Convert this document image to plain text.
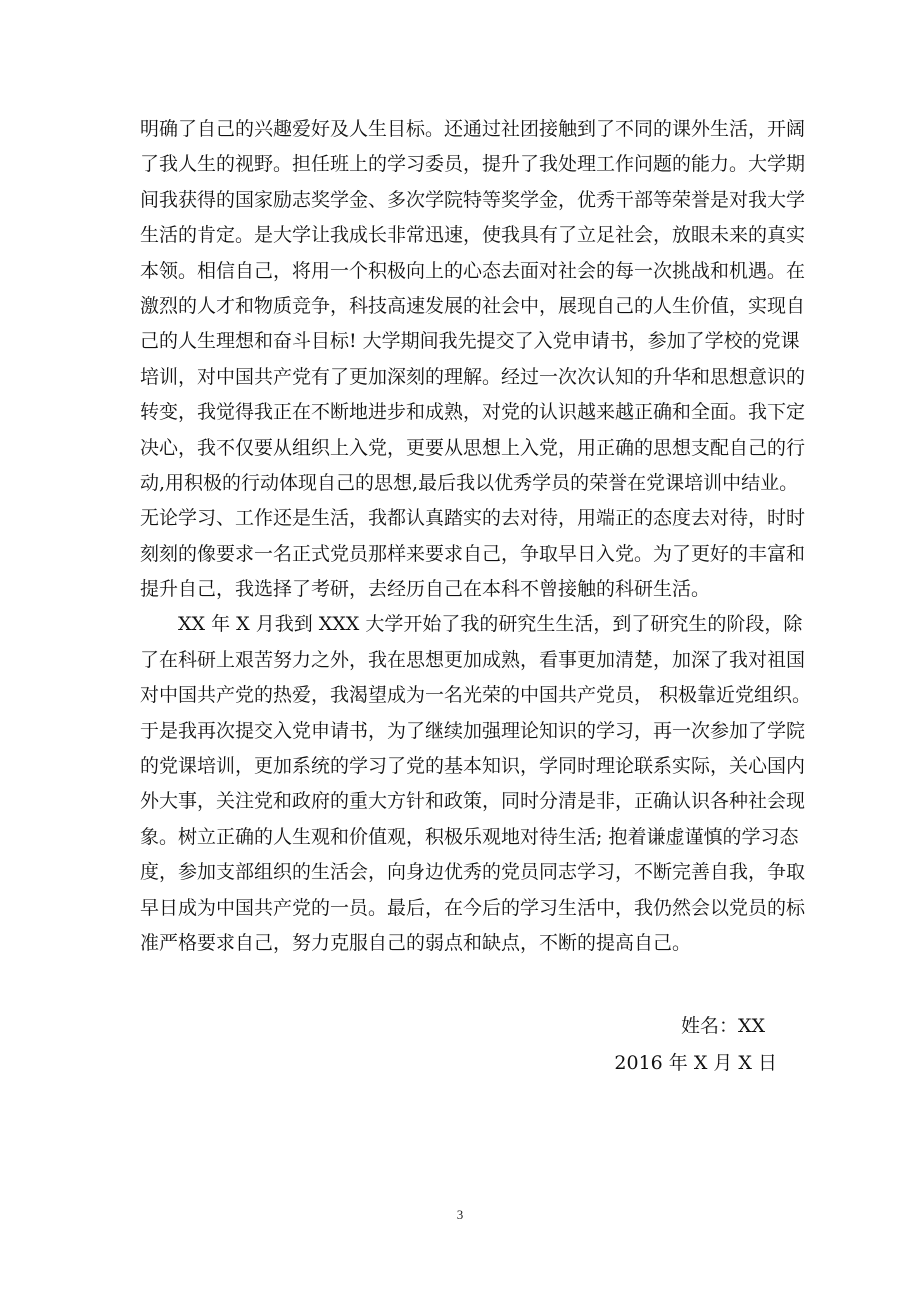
明确了自己的兴趣爱好及人生目标。还通过社团接触到了不同的课外生活，开阔
了我人生的视野。担任班上的学习委员，提升了我处理工作问题的能力。大学期
间我获得的国家励志奖学金、多次学院特等奖学金，优秀干部等荣誉是对我大学
生活的肯定。是大学让我成长非常迅速，使我具有了立足社会，放眼未来的真实
本领。相信自己，将用一个积极向上的心态去面对社会的每一次挑战和机遇。在
激烈的人才和物质竞争，科技高速发展的社会中，展现自己的人生价值，实现自
己的人生理想和奋斗目标! 大学期间我先提交了入党申请书，参加了学校的党课
培训，对中国共产党有了更加深刻的理解。经过一次次认知的升华和思想意识的
转变，我觉得我正在不断地进步和成熟，对党的认识越来越正确和全面。我下定
决心，我不仅要从组织上入党，更要从思想上入党，用正确的思想支配自己的行
动,用积极的行动体现自己的思想,最后我以优秀学员的荣誉在党课培训中结业。
无论学习、工作还是生活，我都认真踏实的去对待，用端正的态度去对待，时时
刻刻的像要求一名正式党员那样来要求自己，争取早日入党。为了更好的丰富和
提升自己，我选择了考研，去经历自己在本科不曾接触的科研生活。
　　XX 年 X 月我到 XXX 大学开始了我的研究生生活，到了研究生的阶段，除
了在科研上艰苦努力之外，我在思想更加成熟，看事更加清楚，加深了我对祖国
对中国共产党的热爱，我渴望成为一名光荣的中国共产党员， 积极靠近党组织。
于是我再次提交入党申请书，为了继续加强理论知识的学习，再一次参加了学院
的党课培训，更加系统的学习了党的基本知识，学同时理论联系实际，关心国内
外大事，关注党和政府的重大方针和政策，同时分清是非，正确认识各种社会现
象。树立正确的人生观和价值观，积极乐观地对待生活; 抱着谦虚谨慎的学习态
度，参加支部组织的生活会，向身边优秀的党员同志学习，不断完善自我，争取
早日成为中国共产党的一员。最后，在今后的学习生活中，我仍然会以党员的标
准严格要求自己，努力克服自己的弱点和缺点，不断的提高自己。
姓名：XX
2016 年 X 月 X 日
3
